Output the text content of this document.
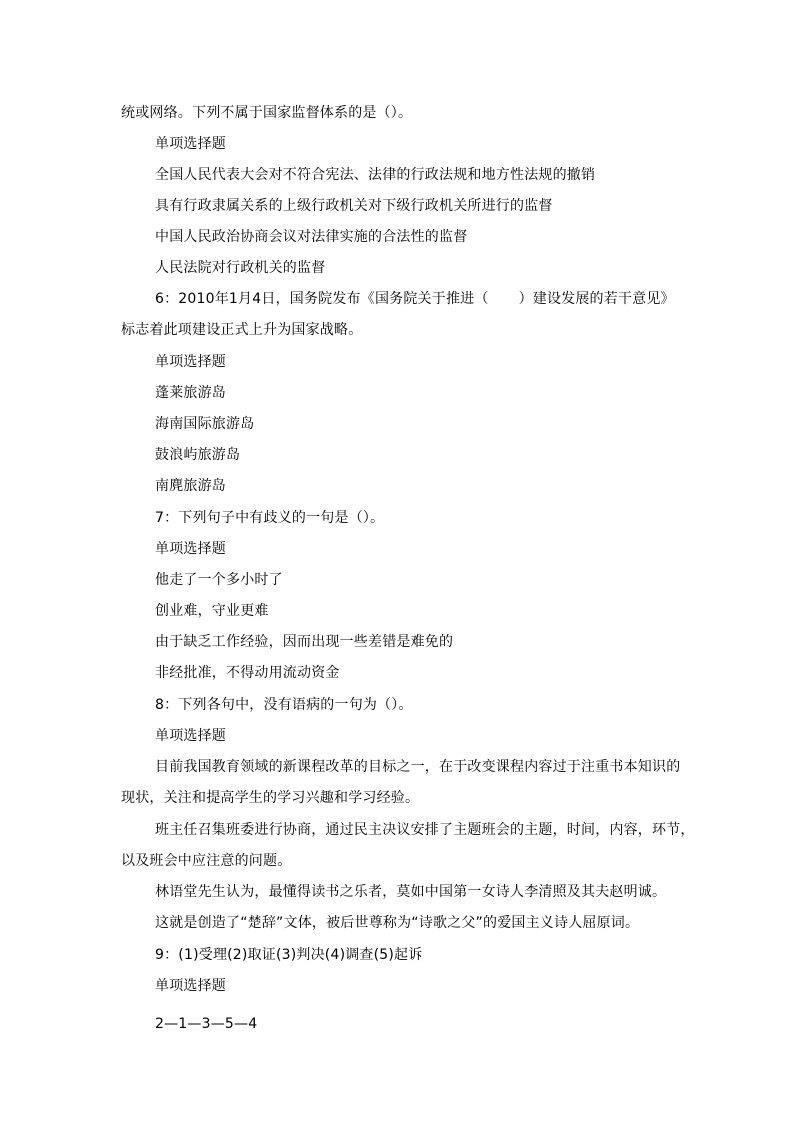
统或网络。下列不属于国家监督体系的是（）。
单项选择题
全国人民代表大会对不符合宪法、法律的行政法规和地方性法规的撤销
具有行政隶属关系的上级行政机关对下级行政机关所进行的监督
中国人民政治协商会议对法律实施的合法性的监督
人民法院对行政机关的监督
6：2010年1月4日，国务院发布《国务院关于推进（ ）建设发展的若干意见》
标志着此项建设正式上升为国家战略。
单项选择题
蓬莱旅游岛
海南国际旅游岛
鼓浪屿旅游岛
南麂旅游岛
7：下列句子中有歧义的一句是（）。
单项选择题
他走了一个多小时了
创业难，守业更难
由于缺乏工作经验，因而出现一些差错是难免的
非经批准，不得动用流动资金
8：下列各句中，没有语病的一句为（）。
单项选择题
目前我国教育领域的新课程改革的目标之一，在于改变课程内容过于注重书本知识的
现状，关注和提高学生的学习兴趣和学习经验。
班主任召集班委进行协商，通过民主决议安排了主题班会的主题，时间，内容，环节，
以及班会中应注意的问题。
林语堂先生认为，最懂得读书之乐者，莫如中国第一女诗人李清照及其夫赵明诚。
这就是创造了“楚辞”文体，被后世尊称为“诗歌之父”的爱国主义诗人屈原词。
9：(1)受理(2)取证(3)判决(4)调查(5)起诉
单项选择题
2—1—3—5—4
